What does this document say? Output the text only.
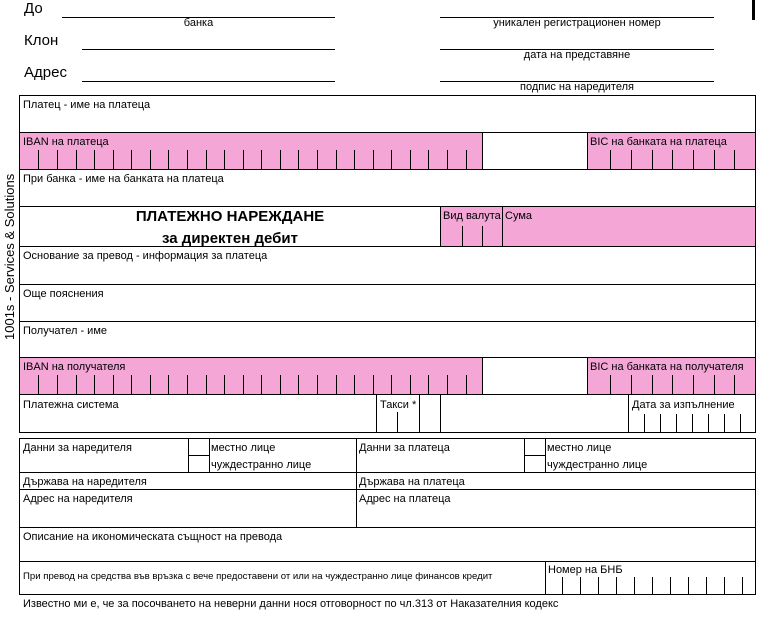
До
банка
Клон
Адрес
уникален регистрационен номер
дата на представяне
подпис на наредителя
1001s - Services & Solutions
Платец - име на платеца
IBAN на платеца	BIC на банката на платеца
При банка - име на банката на платеца
ПЛАТЕЖНО НАРЕЖДАНЕ
за директен дебит
Вид валута Сума
Основание за превод - информация за платеца
Още пояснения
Получател - име
IBAN на получателя	BIC на банката на получателя
Платежна система	Такси *	Дата за изпълнение
Данни за наредителя	местно лице
чуждестранно лице
Данни за платеца	местно лице
чуждестранно лице
Държава на наредителя	Държава на платеца
Адрес на наредителя	Адрес на платеца
Описание на икономическата същност на превода
При превод на средства във връзка с вече предоставени от или на чуждестранно лице финансов кредит
Номер на БНБ
Известно ми е, че за посочването на неверни данни нося отговорност по чл.313 от Наказателния кодекс
